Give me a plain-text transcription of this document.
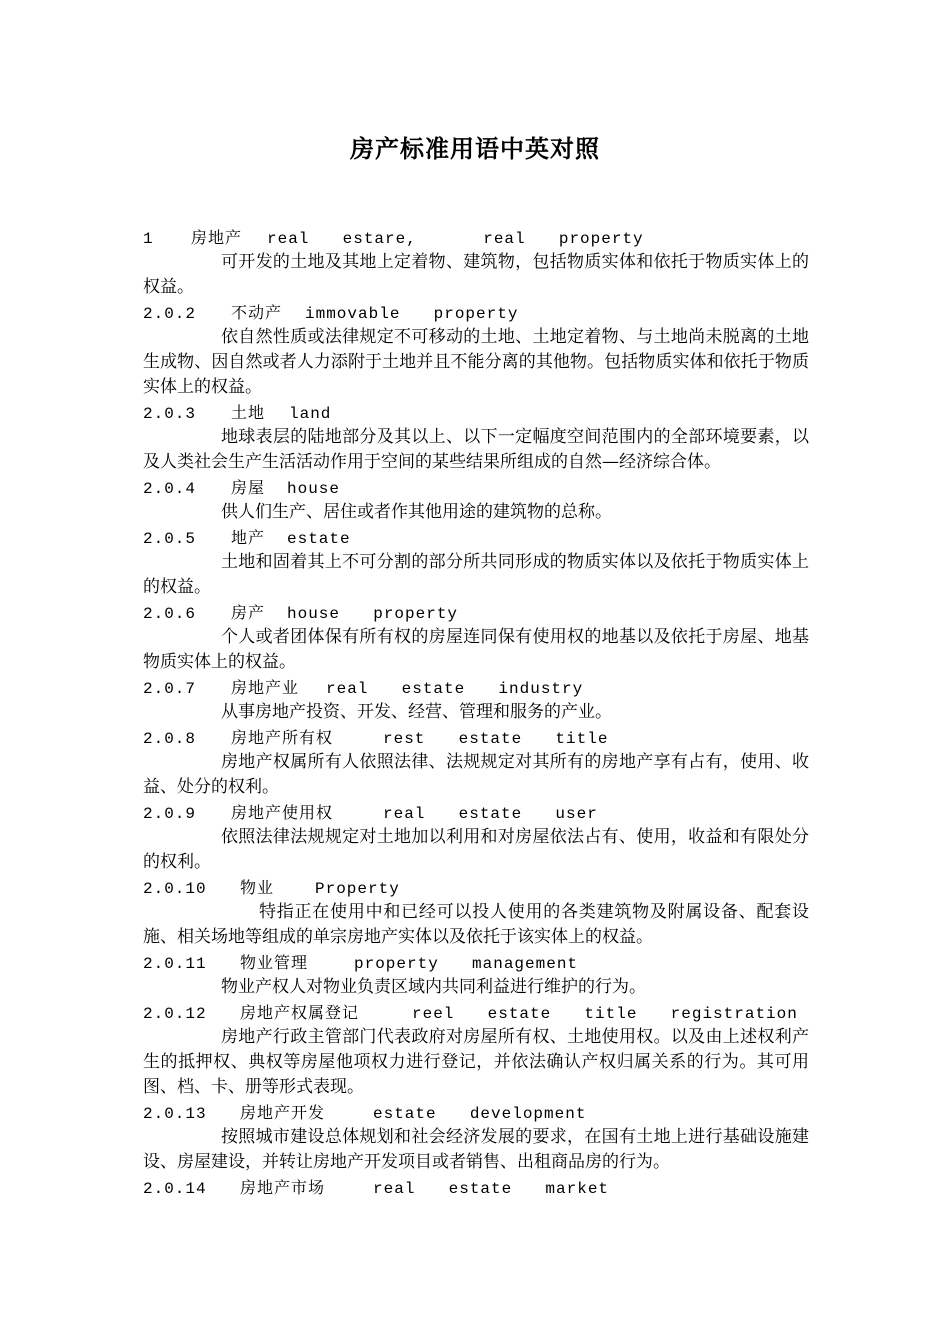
房产标准用语中英对照
1 房地产 real  estare,    real  property
可开发的土地及其地上定着物、建筑物，包括物质实体和依托于物质实体上的权益。
2.0.2 不动产 immovable  property
依自然性质或法律规定不可移动的土地、土地定着物、与土地尚未脱离的土地生成物、因自然或者人力添附于土地并且不能分离的其他物。包括物质实体和依托于物质实体上的权益。
2.0.3 土地 land
地球表层的陆地部分及其以上、以下一定幅度空间范围内的全部环境要素，以及人类社会生产生活活动作用于空间的某些结果所组成的自然—经济综合体。
2.0.4 房屋 house
供人们生产、居住或者作其他用途的建筑物的总称。
2.0.5 地产 estate
土地和固着其上不可分割的部分所共同形成的物质实体以及依托于物质实体上的权益。
2.0.6 房产 house  property
个人或者团体保有所有权的房屋连同保有使用权的地基以及依托于房屋、地基物质实体上的权益。
2.0.7 房地产业 real  estate  industry
从事房地产投资、开发、经营、管理和服务的产业。
2.0.8 房地产所有权	rest  estate  title
房地产权属所有人依照法律、法规规定对其所有的房地产享有占有，使用、收益、处分的权利。
2.0.9 房地产使用权	real  estate  user
依照法律法规规定对土地加以利用和对房屋依法占有、使用，收益和有限处分的权利。
2.0.10 物业	Property
特指正在使用中和已经可以投人使用的各类建筑物及附属设备、配套设施、相关场地等组成的单宗房地产实体以及依托于该实体上的权益。
2.0.11 物业管理	property  management
物业产权人对物业负责区域内共同利益进行维护的行为。
2.0.12 房地产权属登记	reel  estate  title  registration
房地产行政主管部门代表政府对房屋所有权、土地使用权。以及由上述权利产生的抵押权、典权等房屋他项权力进行登记，并依法确认产权归属关系的行为。其可用图、档、卡、册等形式表现。
2.0.13 房地产开发	estate  development
按照城市建设总体规划和社会经济发展的要求，在国有土地上进行基础设施建设、房屋建设，并转让房地产开发项目或者销售、出租商品房的行为。
2.0.14 房地产市场	real  estate  market
